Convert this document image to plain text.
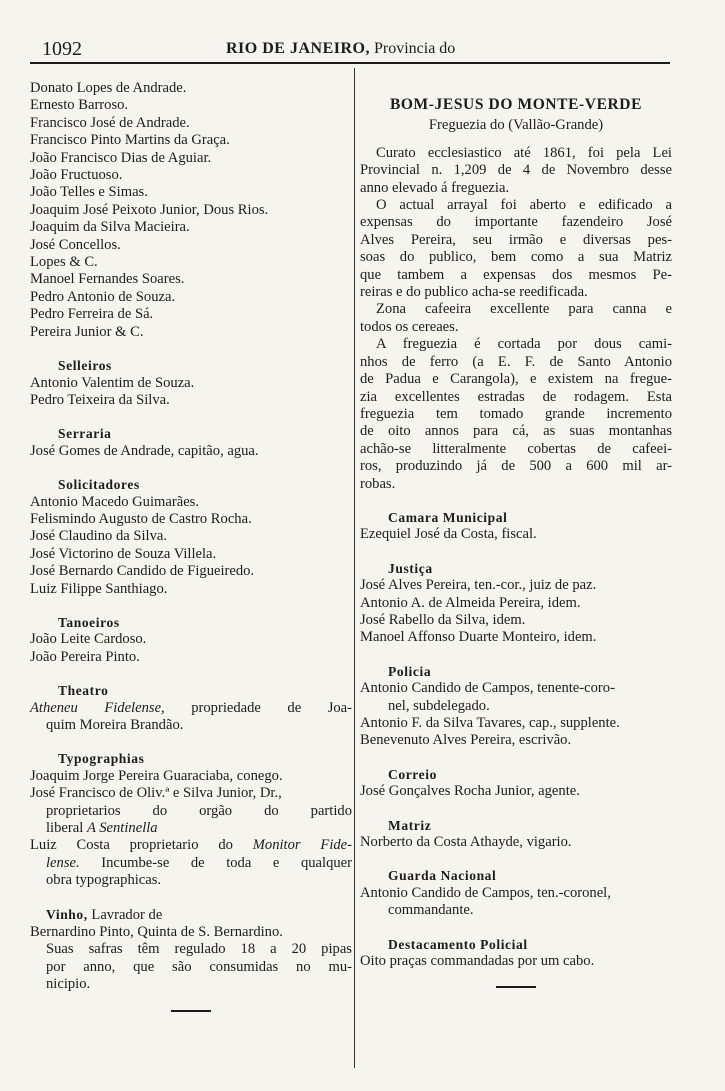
1092	RIO DE JANEIRO, Provincia do
Donato Lopes de Andrade.
Ernesto Barroso.
Francisco José de Andrade.
Francisco Pinto Martins da Graça.
João Francisco Dias de Aguiar.
João Fructuoso.
João Telles e Simas.
Joaquim José Peixoto Junior, Dous Rios.
Joaquim da Silva Macieira.
José Concellos.
Lopes & C.
Manoel Fernandes Soares.
Pedro Antonio de Souza.
Pedro Ferreira de Sá.
Pereira Junior & C.
Selleiros
Antonio Valentim de Souza.
Pedro Teixeira da Silva.
Serraria
José Gomes de Andrade, capitão, agua.
Solicitadores
Antonio Macedo Guimarães.
Felismindo Augusto de Castro Rocha.
José Claudino da Silva.
José Victorino de Souza Villela.
José Bernardo Candido de Figueiredo.
Luiz Filippe Santhiago.
Tanoeiros
João Leite Cardoso.
João Pereira Pinto.
Theatro
Atheneu Fidelense, propriedade de Joa-
quim Moreira Brandão.
Typographias
Joaquim Jorge Pereira Guaraciaba, conego.
José Francisco de Oliv.ª e Silva Junior, Dr.,
proprietarios do orgão do partido
liberal A Sentinella
Luiz Costa proprietario do Monitor Fide-
lense. Incumbe-se de toda e qualquer
obra typographicas.
Vinho, Lavrador de
Bernardino Pinto, Quinta de S. Bernardino.
Suas safras têm regulado 18 a 20 pipas
por anno, que são consumidas no mu-
nicipio.
BOM-JESUS DO MONTE-VERDE
Freguezia do (Vallão-Grande)
Curato ecclesiastico até 1861, foi pela Lei
Provincial n. 1,209 de 4 de Novembro desse
anno elevado á freguezia.
O actual arrayal foi aberto e edificado a
expensas do importante fazendeiro José
Alves Pereira, seu irmão e diversas pes-
soas do publico, bem como a sua Matriz
que tambem a expensas dos mesmos Pe-
reiras e do publico acha-se reedificada.
Zona cafeeira excellente para canna e
todos os cereaes.
A freguezia é cortada por dous cami-
nhos de ferro (a E. F. de Santo Antonio
de Padua e Carangola), e existem na fregue-
zia excellentes estradas de rodagem. Esta
freguezia tem tomado grande incremento
de oito annos para cá, as suas montanhas
achão-se litteralmente cobertas de cafeei-
ros, produzindo já de 500 a 600 mil ar-
robas.
Camara Municipal
Ezequiel José da Costa, fiscal.
Justiça
José Alves Pereira, ten.-cor., juiz de paz.
Antonio A. de Almeida Pereira, idem.
José Rabello da Silva, idem.
Manoel Affonso Duarte Monteiro, idem.
Policia
Antonio Candido de Campos, tenente-coro-
nel, subdelegado.
Antonio F. da Silva Tavares, cap., supplente.
Benevenuto Alves Pereira, escrivão.
Correio
José Gonçalves Rocha Junior, agente.
Matriz
Norberto da Costa Athayde, vigario.
Guarda Nacional
Antonio Candido de Campos, ten.-coronel,
commandante.
Destacamento Policial
Oito praças commandadas por um cabo.
